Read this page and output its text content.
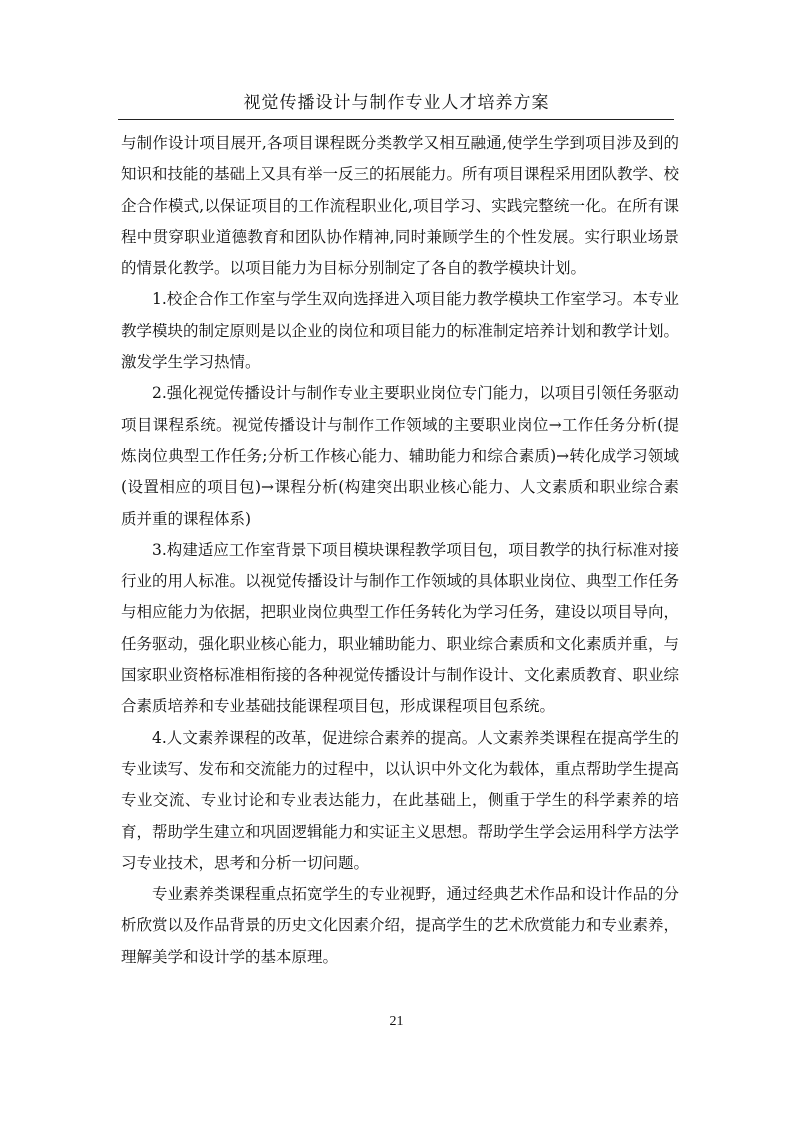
视觉传播设计与制作专业人才培养方案

与制作设计项目展开,各项目课程既分类教学又相互融通,使学生学到项目涉及到的知识和技能的基础上又具有举一反三的拓展能力。所有项目课程采用团队教学、校企合作模式,以保证项目的工作流程职业化,项目学习、实践完整统一化。在所有课程中贯穿职业道德教育和团队协作精神,同时兼顾学生的个性发展。实行职业场景的情景化教学。以项目能力为目标分别制定了各自的教学模块计划。

1.校企合作工作室与学生双向选择进入项目能力教学模块工作室学习。本专业教学模块的制定原则是以企业的岗位和项目能力的标准制定培养计划和教学计划。激发学生学习热情。

2.强化视觉传播设计与制作专业主要职业岗位专门能力，以项目引领任务驱动项目课程系统。视觉传播设计与制作工作领域的主要职业岗位→工作任务分析(提炼岗位典型工作任务;分析工作核心能力、辅助能力和综合素质)→转化成学习领域(设置相应的项目包)→课程分析(构建突出职业核心能力、人文素质和职业综合素质并重的课程体系)

3.构建适应工作室背景下项目模块课程教学项目包，项目教学的执行标准对接行业的用人标准。以视觉传播设计与制作工作领域的具体职业岗位、典型工作任务与相应能力为依据，把职业岗位典型工作任务转化为学习任务，建设以项目导向，任务驱动，强化职业核心能力，职业辅助能力、职业综合素质和文化素质并重，与国家职业资格标准相衔接的各种视觉传播设计与制作设计、文化素质教育、职业综合素质培养和专业基础技能课程项目包，形成课程项目包系统。

4.人文素养课程的改革，促进综合素养的提高。人文素养类课程在提高学生的专业读写、发布和交流能力的过程中，以认识中外文化为载体，重点帮助学生提高专业交流、专业讨论和专业表达能力，在此基础上，侧重于学生的科学素养的培育，帮助学生建立和巩固逻辑能力和实证主义思想。帮助学生学会运用科学方法学习专业技术，思考和分析一切问题。

专业素养类课程重点拓宽学生的专业视野，通过经典艺术作品和设计作品的分析欣赏以及作品背景的历史文化因素介绍，提高学生的艺术欣赏能力和专业素养，理解美学和设计学的基本原理。

21
